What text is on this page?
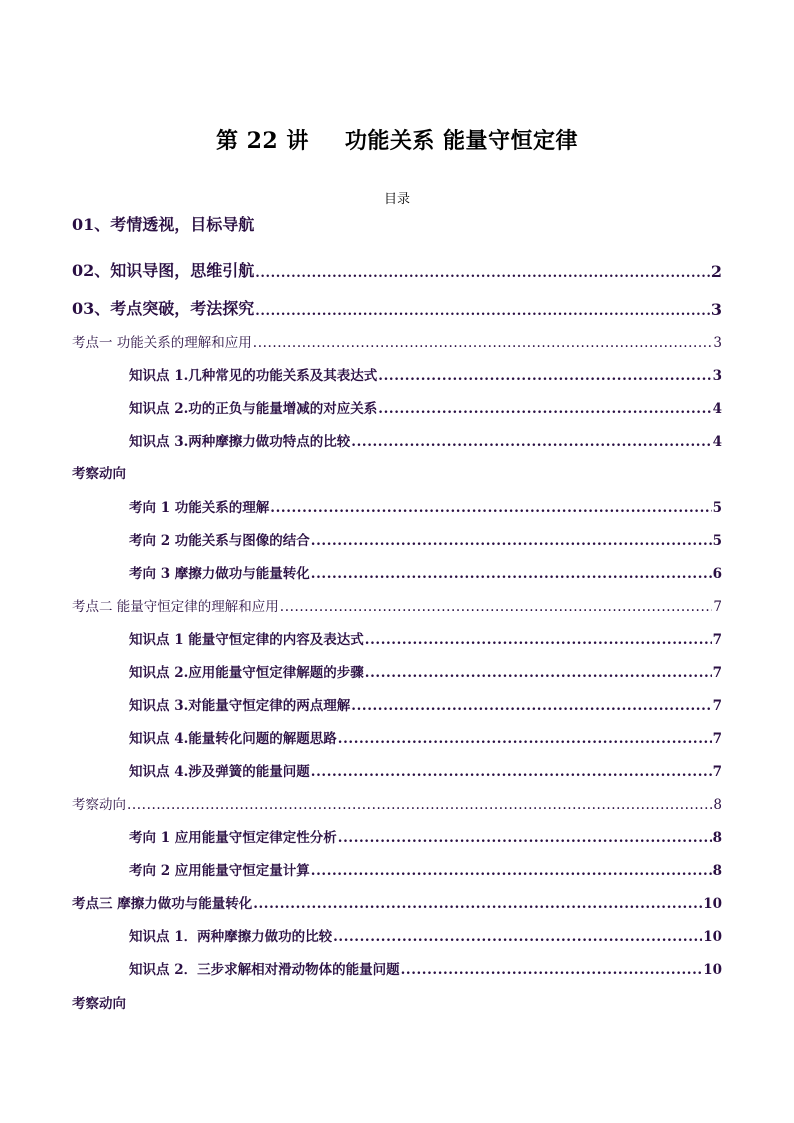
第 22 讲 功能关系 能量守恒定律
目录
01、考情透视，目标导航
02、知识导图，思维引航 .....	2
03、考点突破，考法探究 .....	3
考点一 功能关系的理解和应用 .....	3
知识点 1.几种常见的功能关系及其表达式 .....	3
知识点 2.功的正负与能量增减的对应关系 .....	4
知识点 3.两种摩擦力做功特点的比较 .....	4
考察动向
考向 1 功能关系的理解 .....	5
考向 2 功能关系与图像的结合 .....	5
考向 3 摩擦力做功与能量转化 .....	6
考点二 能量守恒定律的理解和应用 .....	7
知识点 1 能量守恒定律的内容及表达式 .....	7
知识点 2.应用能量守恒定律解题的步骤 .....	7
知识点 3.对能量守恒定律的两点理解 .....	7
知识点 4.能量转化问题的解题思路 .....	7
知识点 4.涉及弹簧的能量问题 .....	7
考察动向 .....	8
考向 1 应用能量守恒定律定性分析 .....	8
考向 2 应用能量守恒定量计算 .....	8
考点三 摩擦力做功与能量转化 .....	10
知识点 1．两种摩擦力做功的比较 .....	10
知识点 2．三步求解相对滑动物体的能量问题 .....	10
考察动向
